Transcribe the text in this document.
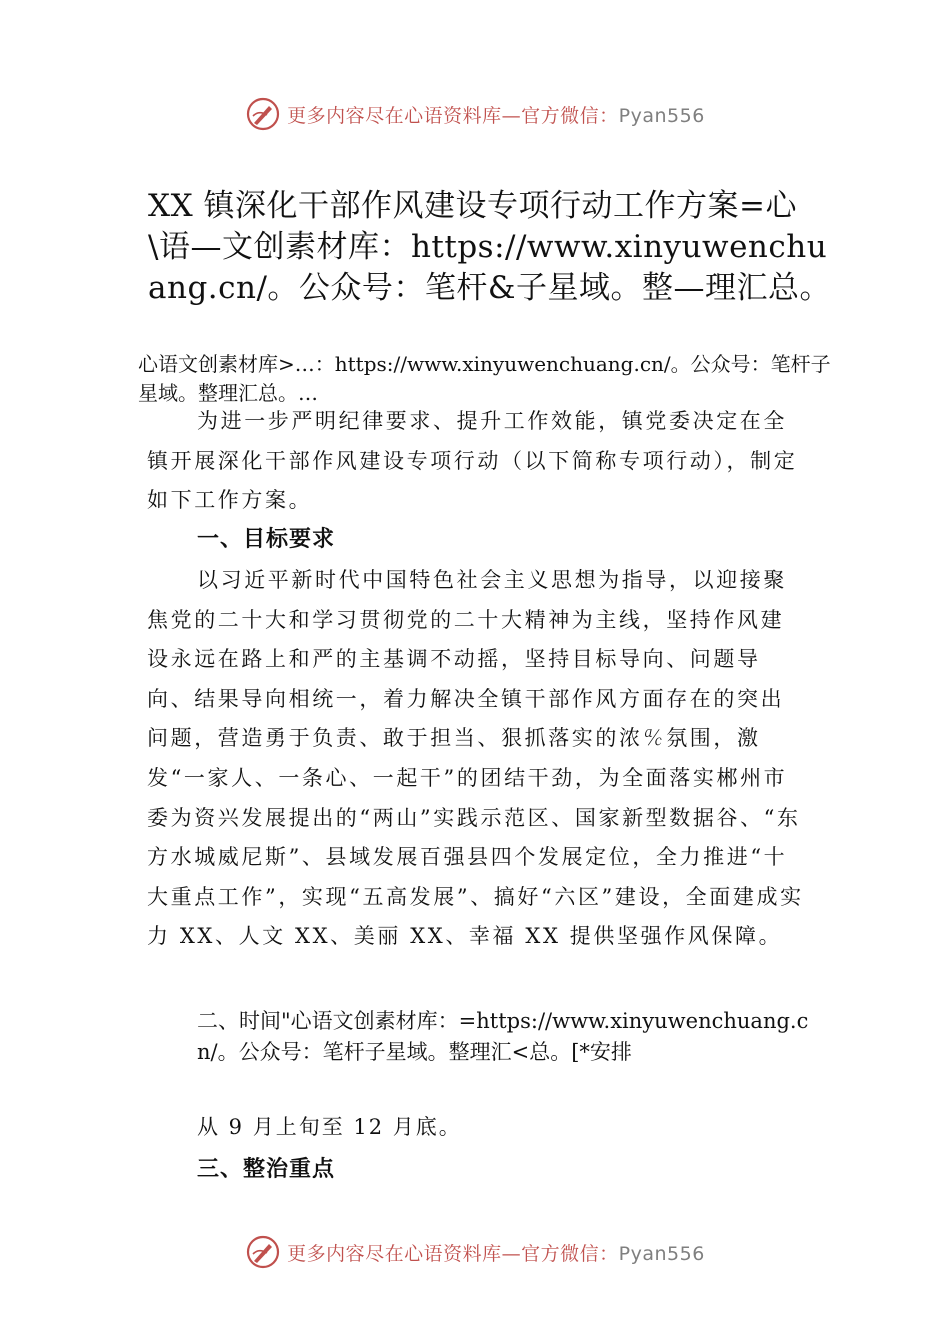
更多内容尽在心语资料库—官方微信：Pyan556
XX 镇深化干部作风建设专项行动工作方案=心\语—文创素材库：https://www.xinyuwenchuang.cn/。公众号：笔杆&子星域。整—理汇总。

心语文创素材库>…：https://www.xinyuwenchuang.cn/。公众号：笔杆子星域。整理汇总。…

为进一步严明纪律要求、提升工作效能，镇党委决定在全镇开展深化干部作风建设专项行动（以下简称专项行动），制定如下工作方案。

一、目标要求

以习近平新时代中国特色社会主义思想为指导，以迎接聚焦党的二十大和学习贯彻党的二十大精神为主线，坚持作风建设永远在路上和严的主基调不动摇，坚持目标导向、问题导向、结果导向相统一，着力解决全镇干部作风方面存在的突出问题，营造勇于负责、敢于担当、狠抓落实的浓℀氛围，激发“一家人、一条心、一起干”的团结干劲，为全面落实郴州市委为资兴发展提出的“两山”实践示范区、国家新型数据谷、“东方水城威尼斯”、县域发展百强县四个发展定位，全力推进“十大重点工作”，实现“五高发展”、搞好“六区”建设，全面建成实力 XX、人文 XX、美丽 XX、幸福 XX 提供坚强作风保障。

二、时间"心语文创素材库：=https://www.xinyuwenchuang.cn/。公众号：笔杆子星域。整理汇<总。[*安排

从 9 月上旬至 12 月底。

三、整治重点
更多内容尽在心语资料库—官方微信：Pyan556
